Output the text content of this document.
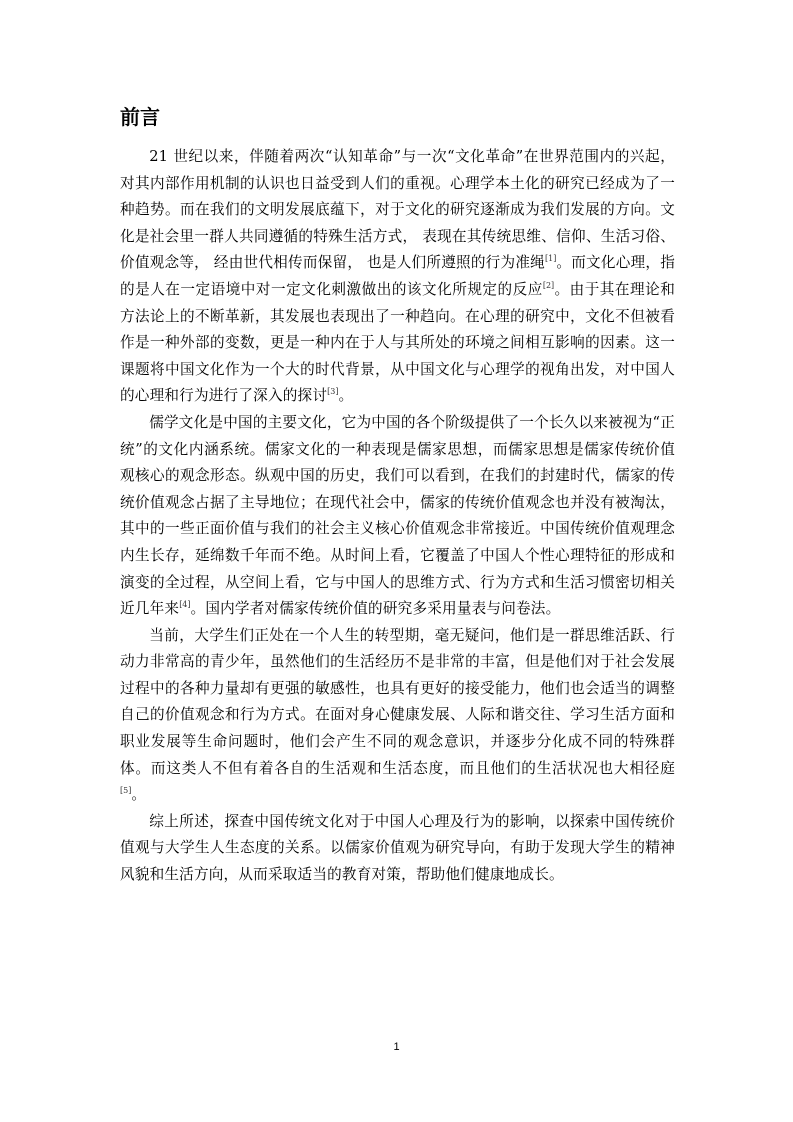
前言

21 世纪以来，伴随着两次“认知革命”与一次“文化革命”在世界范围内的兴起，对其内部作用机制的认识也日益受到人们的重视。心理学本土化的研究已经成为了一种趋势。而在我们的文明发展底蕴下，对于文化的研究逐渐成为我们发展的方向。文化是社会里一群人共同遵循的特殊生活方式， 表现在其传统思维、信仰、生活习俗、价值观念等， 经由世代相传而保留， 也是人们所遵照的行为准绳[1]。而文化心理，指的是人在一定语境中对一定文化刺激做出的该文化所规定的反应[2]。由于其在理论和方法论上的不断革新，其发展也表现出了一种趋向。在心理的研究中，文化不但被看作是一种外部的变数，更是一种内在于人与其所处的环境之间相互影响的因素。这一课题将中国文化作为一个大的时代背景，从中国文化与心理学的视角出发，对中国人的心理和行为进行了深入的探讨[3]。

儒学文化是中国的主要文化，它为中国的各个阶级提供了一个长久以来被视为“正统”的文化内涵系统。儒家文化的一种表现是儒家思想，而儒家思想是儒家传统价值观核心的观念形态。纵观中国的历史，我们可以看到，在我们的封建时代，儒家的传统价值观念占据了主导地位；在现代社会中，儒家的传统价值观念也并没有被淘汰，其中的一些正面价值与我们的社会主义核心价值观念非常接近。中国传统价值观理念内生长存，延绵数千年而不绝。从时间上看，它覆盖了中国人个性心理特征的形成和演变的全过程，从空间上看，它与中国人的思维方式、行为方式和生活习惯密切相关近几年来[4]。国内学者对儒家传统价值的研究多采用量表与问卷法。

当前，大学生们正处在一个人生的转型期，毫无疑问，他们是一群思维活跃、行动力非常高的青少年，虽然他们的生活经历不是非常的丰富，但是他们对于社会发展过程中的各种力量却有更强的敏感性，也具有更好的接受能力，他们也会适当的调整自己的价值观念和行为方式。在面对身心健康发展、人际和谐交往、学习生活方面和职业发展等生命问题时，他们会产生不同的观念意识，并逐步分化成不同的特殊群体。而这类人不但有着各自的生活观和生活态度，而且他们的生活状况也大相径庭[5]。

综上所述，探查中国传统文化对于中国人心理及行为的影响，以探索中国传统价值观与大学生人生态度的关系。以儒家价值观为研究导向，有助于发现大学生的精神风貌和生活方向，从而采取适当的教育对策，帮助他们健康地成长。

1
